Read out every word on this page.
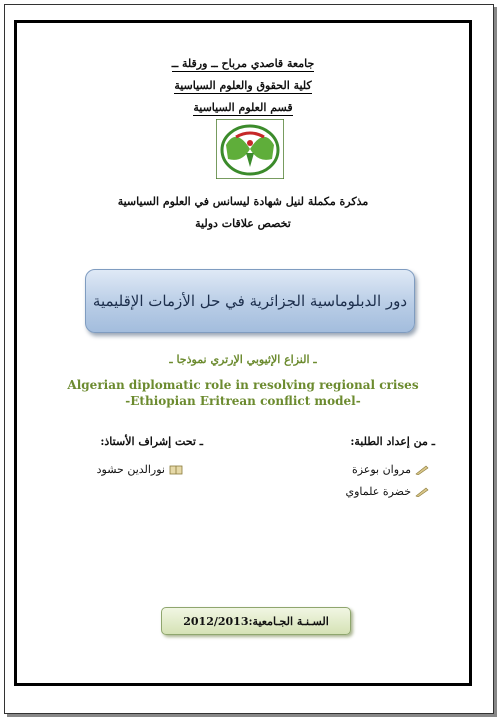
جامعة قاصدي مرباح ــ ورقلة ــ
كلية الحقوق والعلوم السياسية
قسم العلوم السياسية
مذكرة مكملة لنيل شهادة ليسانس في العلوم السياسية
تخصص علاقات دولية
دور الدبلوماسية الجزائرية في حل الأزمات الإقليمية
ـ النزاع الإثيوبي الإرتري نموذجا ـ
Algerian diplomatic role in resolving regional crises
-Ethiopian Eritrean conflict model-
ـ من إعداد الطلبة:
ـ تحت إشراف الأستاذ:
مروان بوعزة
خضرة علماوي
نورالدين حشود
السـنـة الجـامعية:2012/2013
